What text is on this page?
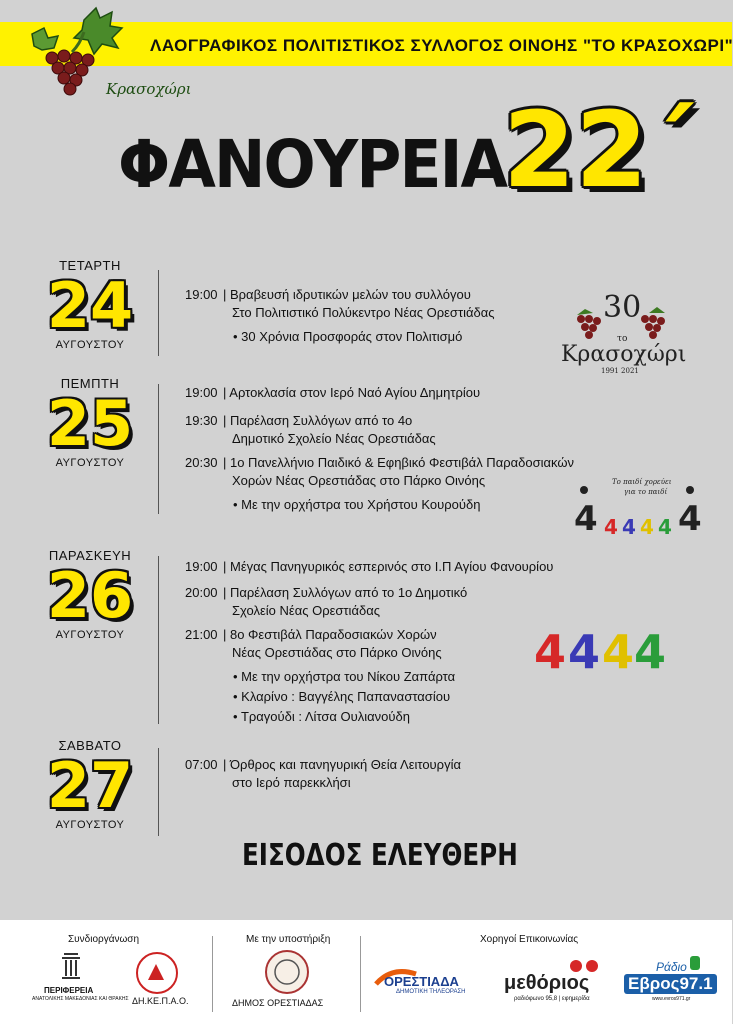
ΛΑΟΓΡΑΦΙΚΟΣ ΠΟΛΙΤΙΣΤΙΚΟΣ ΣΥΛΛΟΓΟΣ ΟΙΝΟΗΣ "ΤΟ ΚΡΑΣΟΧΩΡΙ"
Κρασοχώρι
ΦΑΝΟΥΡΕΙΑ
22΄
30
το
Κρασοχώρι
1991 2021
ΤΕΤΑΡΤΗ
24
ΑΥΓΟΥΣΤΟΥ
19:00 | Βραβευσή ιδρυτικών μελών του συλλόγου
Στο Πολιτιστικό Πολύκεντρο Νέας Ορεστιάδας
• 30 Χρόνια Προσφοράς στον Πολιτισμό
ΠΕΜΠΤΗ
25
ΑΥΓΟΥΣΤΟΥ
19:00 | Αρτοκλασία στον Ιερό Ναό Αγίου Δημητρίου
19:30 | Παρέλαση Συλλόγων από το 4ο
Δημοτικό Σχολείο Νέας Ορεστιάδας
20:30 | 1ο Πανελλήνιο Παιδικό & Εφηβικό Φεστιβάλ Παραδοσιακών
Χορών Νέας Ορεστιάδας στο Πάρκο Οινόης
• Με την ορχήστρα του Χρήστου Κουρούδη
Το παιδί χορεύει
για το παιδί
4 4 4 4 4 4
ΠΑΡΑΣΚΕΥΗ
26
ΑΥΓΟΥΣΤΟΥ
19:00 | Μέγας Πανηγυρικός εσπερινός στο Ι.Π Αγίου Φανουρίου
20:00 | Παρέλαση Συλλόγων από το 1ο Δημοτικό
Σχολείο Νέας Ορεστιάδας
21:00 | 8ο Φεστιβάλ Παραδοσιακών Χορών
Νέας Ορεστιάδας στο Πάρκο Οινόης
• Με την ορχήστρα του Νίκου Ζαπάρτα
• Κλαρίνο : Βαγγέλης Παπαναστασίου
• Τραγούδι : Λίτσα Ουλιανούδη
4 4 4 4
ΣΑΒΒΑΤΟ
27
ΑΥΓΟΥΣΤΟΥ
07:00 | Όρθρος και πανηγυρική Θεία Λειτουργία
στο Ιερό παρεκκλήσι
ΕΙΣΟΔΟΣ ΕΛΕΥΘΕΡΗ
Συνδιοργάνωση	Με την υποστήριξη	Χορηγοί Επικοινωνίας
ΠΕΡΙΦΕΡΕΙΑ
ΑΝΑΤΟΛΙΚΗΣ ΜΑΚΕΔΟΝΙΑΣ ΚΑΙ ΘΡΑΚΗΣ ΔΗ.ΚΕ.Π.Α.Ο.	ΔΗΜΟΣ ΟΡΕΣΤΙΑΔΑΣ
ΟΡΕΣΤΙΑΔΑ
ΔΗΜΟΤΙΚΗ ΤΗΛΕΟΡΑΣΗ μεθόριος
ραδιόφωνο 95,8 | εφημερίδα
Ράδιο
Εβρος97.1
www.evros971.gr
